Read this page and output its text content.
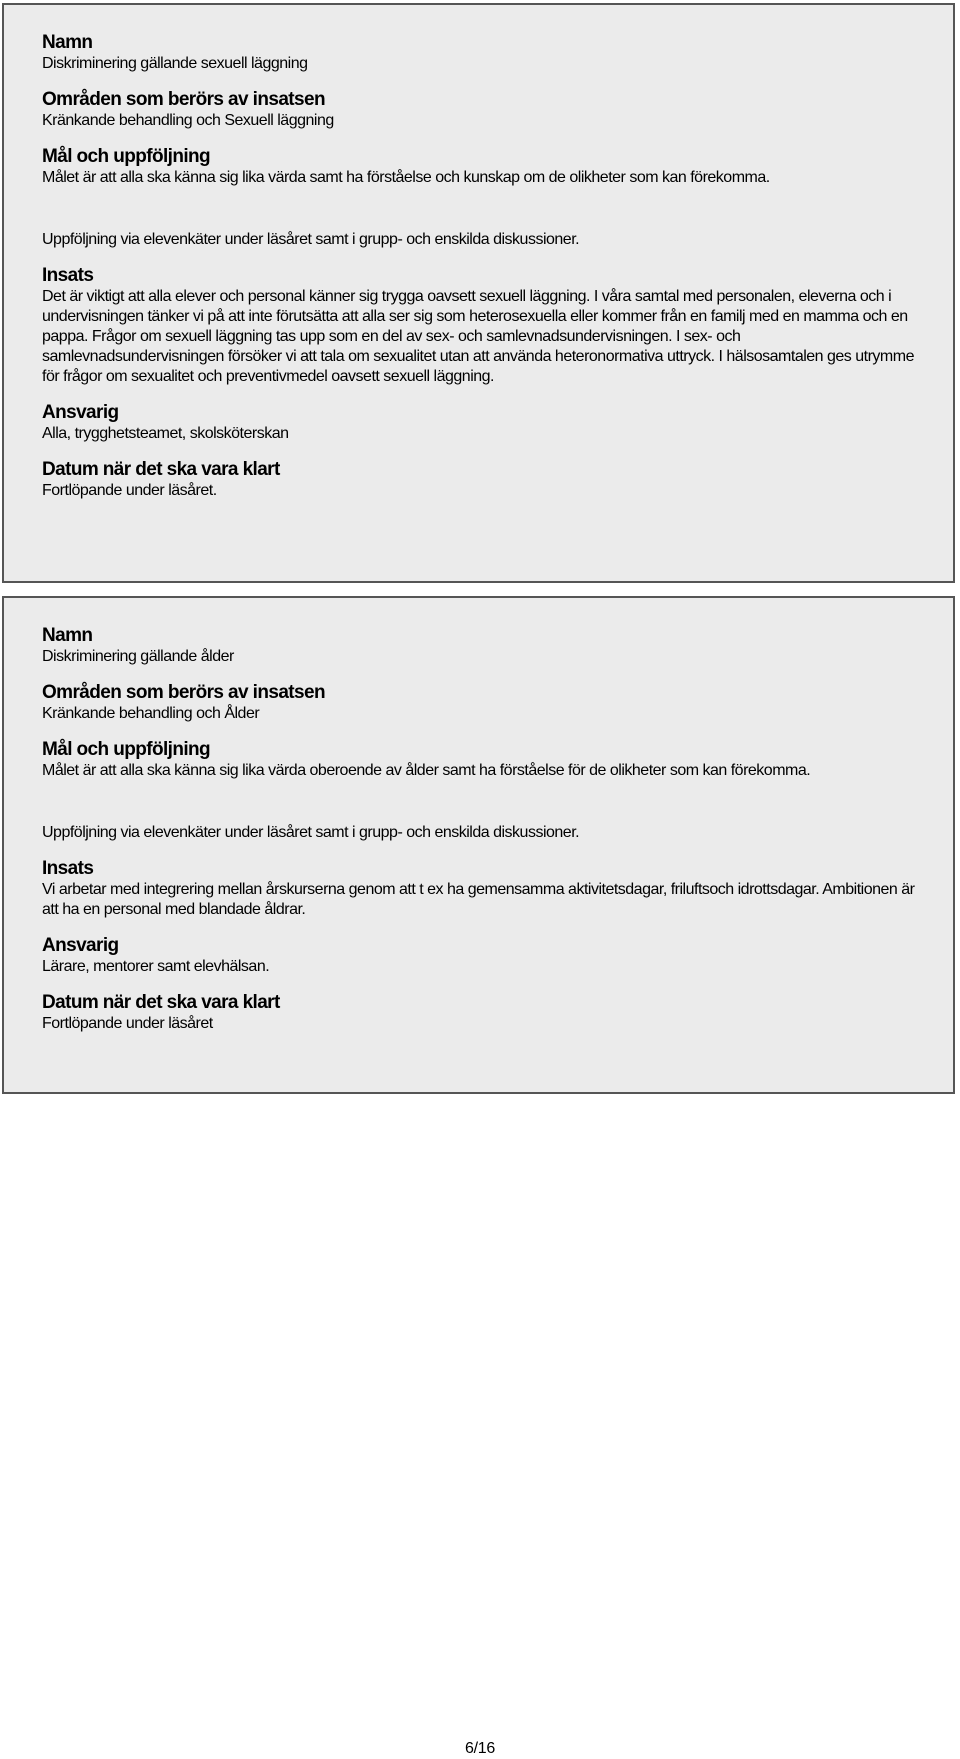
Namn
Diskriminering gällande sexuell läggning
Områden som berörs av insatsen
Kränkande behandling och Sexuell läggning
Mål och uppföljning
Målet är att alla ska känna sig lika värda samt ha förståelse och kunskap om de olikheter som kan förekomma.
Uppföljning via elevenkäter under läsåret samt i grupp- och enskilda diskussioner.
Insats
Det är viktigt att alla elever och personal känner sig trygga oavsett sexuell läggning. I våra samtal med personalen, eleverna och i undervisningen tänker vi på att inte förutsätta att alla ser sig som heterosexuella eller kommer från en familj med en mamma och en pappa. Frågor om sexuell läggning tas upp som en del av sex- och samlevnadsundervisningen. I sex- och samlevnadsundervisningen försöker vi att tala om sexualitet utan att använda heteronormativa uttryck. I hälsosamtalen ges utrymme för frågor om sexualitet och preventivmedel oavsett sexuell läggning.
Ansvarig
Alla, trygghetsteamet, skolsköterskan
Datum när det ska vara klart
Fortlöpande under läsåret.
Namn
Diskriminering gällande ålder
Områden som berörs av insatsen
Kränkande behandling och Ålder
Mål och uppföljning
Målet är att alla ska känna sig lika värda oberoende av ålder samt ha förståelse för de olikheter som kan förekomma.
Uppföljning via elevenkäter under läsåret samt i grupp- och enskilda diskussioner.
Insats
Vi arbetar med integrering mellan årskurserna genom att t ex ha gemensamma aktivitetsdagar, friluftsoch idrottsdagar. Ambitionen är att ha en personal med blandade åldrar.
Ansvarig
Lärare, mentorer samt elevhälsan.
Datum när det ska vara klart
Fortlöpande under läsåret
6/16
